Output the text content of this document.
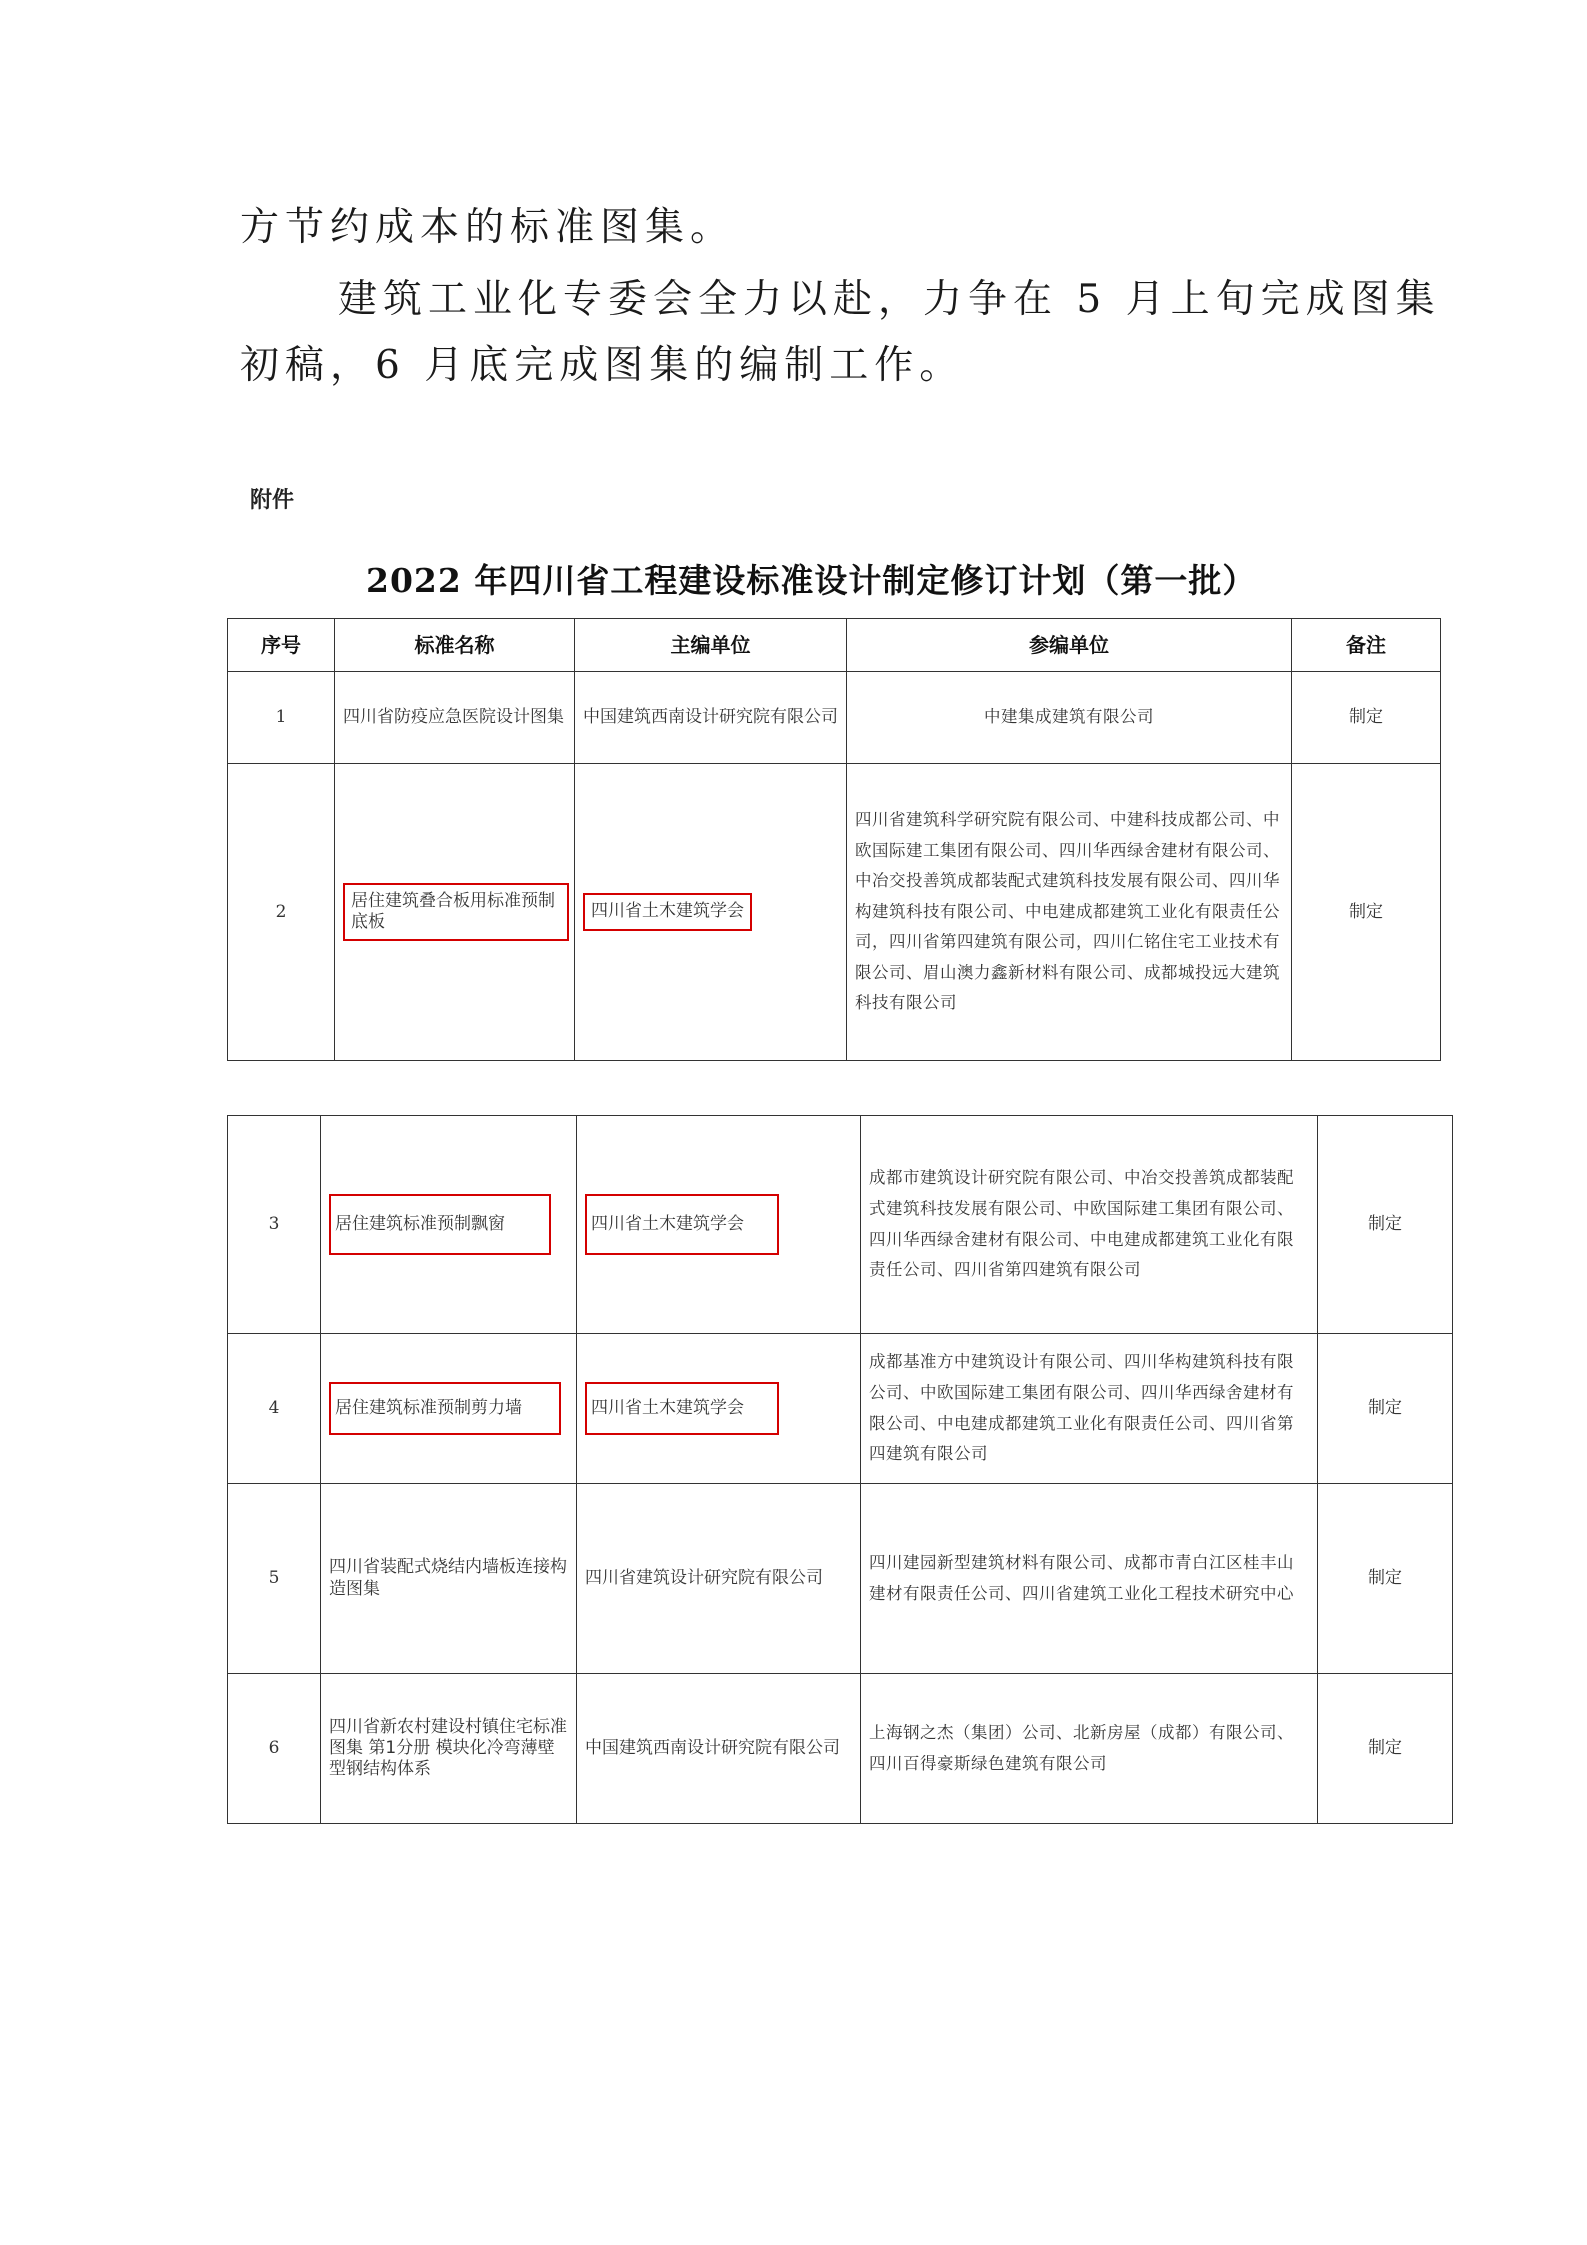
方节约成本的标准图集。
建筑工业化专委会全力以赴，力争在 5 月上旬完成图集
初稿，6 月底完成图集的编制工作。
附件
2022 年四川省工程建设标准设计制定修订计划（第一批）
序号	标准名称	主编单位	参编单位	备注
1	四川省防疫应急医院设计图集	中国建筑西南设计研究院有限公司	中建集成建筑有限公司	制定
2	居住建筑叠合板用标准预制底板	四川省土木建筑学会	四川省建筑科学研究院有限公司、中建科技成都公司、中欧国际建工集团有限公司、四川华西绿舍建材有限公司、中冶交投善筑成都装配式建筑科技发展有限公司、四川华构建筑科技有限公司、中电建成都建筑工业化有限责任公司，四川省第四建筑有限公司，四川仁铭住宅工业技术有限公司、眉山澳力鑫新材料有限公司、成都城投远大建筑科技有限公司	制定
3	居住建筑标准预制飘窗	四川省土木建筑学会	成都市建筑设计研究院有限公司、中冶交投善筑成都装配式建筑科技发展有限公司、中欧国际建工集团有限公司、四川华西绿舍建材有限公司、中电建成都建筑工业化有限责任公司、四川省第四建筑有限公司	制定
4	居住建筑标准预制剪力墙	四川省土木建筑学会	成都基准方中建筑设计有限公司、四川华构建筑科技有限公司、中欧国际建工集团有限公司、四川华西绿舍建材有限公司、中电建成都建筑工业化有限责任公司、四川省第四建筑有限公司	制定
5	四川省装配式烧结内墙板连接构造图集	四川省建筑设计研究院有限公司	四川建园新型建筑材料有限公司、成都市青白江区桂丰山建材有限责任公司、四川省建筑工业化工程技术研究中心	制定
6	四川省新农村建设村镇住宅标准图集 第1分册 模块化冷弯薄壁型钢结构体系	中国建筑西南设计研究院有限公司	上海钢之杰（集团）公司、北新房屋（成都）有限公司、四川百得豪斯绿色建筑有限公司	制定
